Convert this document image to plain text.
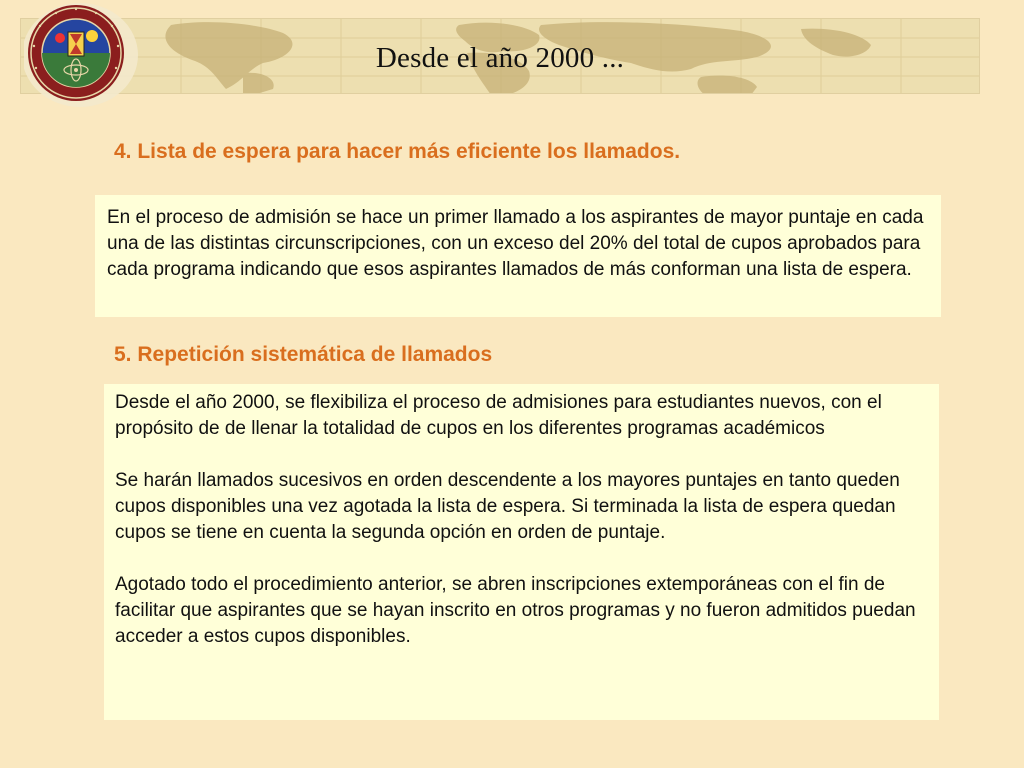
Desde el año 2000 ...
4. Lista de espera para hacer más eficiente los llamados.

En el proceso de admisión se hace un primer llamado a los aspirantes de mayor puntaje en cada una de las distintas circunscripciones, con un exceso del 20% del total de cupos aprobados para cada programa indicando que esos aspirantes llamados de más conforman una lista de espera.

5. Repetición sistemática de llamados

Desde el año 2000, se flexibiliza el proceso de admisiones para estudiantes nuevos, con el propósito de de llenar la totalidad de cupos en los diferentes programas académicos

Se harán llamados sucesivos en orden descendente a los mayores puntajes en tanto queden cupos disponibles una vez agotada la lista de espera. Si terminada la lista de espera quedan cupos se tiene en cuenta la segunda opción en orden de puntaje.

Agotado todo el procedimiento anterior, se abren inscripciones extemporáneas con el fin de facilitar que aspirantes que se hayan inscrito en otros programas y no fueron admitidos puedan acceder a estos cupos disponibles.
